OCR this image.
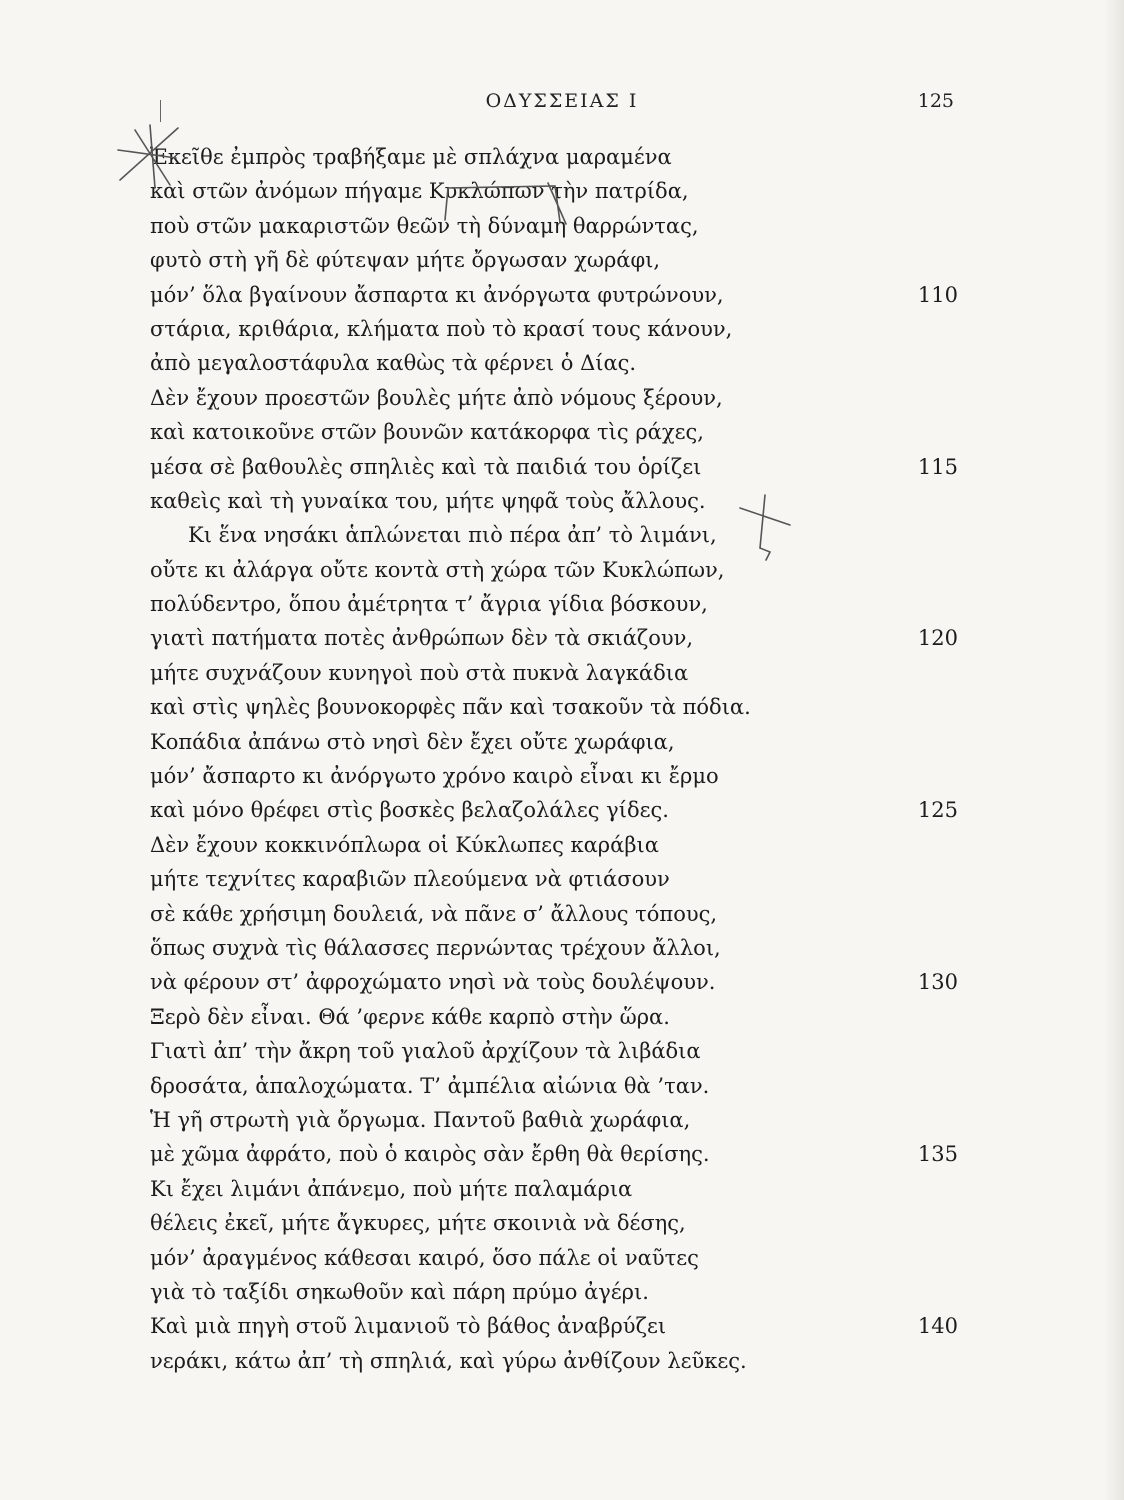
ΟΔΥΣΣΕΙΑΣ Ι	125
Ἐκεῖθε ἐμπρὸς τραβήξαμε μὲ σπλάχνα μαραμένα
καὶ στῶν ἀνόμων πήγαμε Κυκλώπων τὴν πατρίδα,
ποὺ στῶν μακαριστῶν θεῶν τὴ δύναμη θαρρώντας,
φυτὸ στὴ γῆ δὲ φύτεψαν μήτε ὄργωσαν χωράφι,
μόν’ ὅλα βγαίνουν ἄσπαρτα κι ἀνόργωτα φυτρώνουν,	110
στάρια, κριθάρια, κλήματα ποὺ τὸ κρασί τους κάνουν,
ἀπὸ μεγαλοστάφυλα καθὼς τὰ φέρνει ὁ Δίας.
Δὲν ἔχουν προεστῶν βουλὲς μήτε ἀπὸ νόμους ξέρουν,
καὶ κατοικοῦνε στῶν βουνῶν κατάκορφα τὶς ράχες,
μέσα σὲ βαθουλὲς σπηλιὲς καὶ τὰ παιδιά του ὁρίζει	115
καθεὶς καὶ τὴ γυναίκα του, μήτε ψηφᾶ τοὺς ἄλλους.
Κι ἕνα νησάκι ἁπλώνεται πιὸ πέρα ἀπ’ τὸ λιμάνι,
οὔτε κι ἀλάργα οὔτε κοντὰ στὴ χώρα τῶν Κυκλώπων,
πολύδεντρο, ὅπου ἀμέτρητα τ’ ἄγρια γίδια βόσκουν,
γιατὶ πατήματα ποτὲς ἀνθρώπων δὲν τὰ σκιάζουν,	120
μήτε συχνάζουν κυνηγοὶ ποὺ στὰ πυκνὰ λαγκάδια
καὶ στὶς ψηλὲς βουνοκορφὲς πᾶν καὶ τσακοῦν τὰ πόδια.
Κοπάδια ἀπάνω στὸ νησὶ δὲν ἔχει οὔτε χωράφια,
μόν’ ἄσπαρτο κι ἀνόργωτο χρόνο καιρὸ εἶναι κι ἔρμο
καὶ μόνο θρέφει στὶς βοσκὲς βελαζολάλες γίδες.	125
Δὲν ἔχουν κοκκινόπλωρα οἱ Κύκλωπες καράβια
μήτε τεχνίτες καραβιῶν πλεούμενα νὰ φτιάσουν
σὲ κάθε χρήσιμη δουλειά, νὰ πᾶνε σ’ ἄλλους τόπους,
ὅπως συχνὰ τὶς θάλασσες περνώντας τρέχουν ἄλλοι,
νὰ φέρουν στ’ ἀφροχώματο νησὶ νὰ τοὺς δουλέψουν.	130
Ξερὸ δὲν εἶναι. Θά ’φερνε κάθε καρπὸ στὴν ὥρα.
Γιατὶ ἀπ’ τὴν ἄκρη τοῦ γιαλοῦ ἀρχίζουν τὰ λιβάδια
δροσάτα, ἁπαλοχώματα. Τ’ ἀμπέλια αἰώνια θὰ ’ταν.
Ἡ γῆ στρωτὴ γιὰ ὄργωμα. Παντοῦ βαθιὰ χωράφια,
μὲ χῶμα ἀφράτο, ποὺ ὁ καιρὸς σὰν ἔρθη θὰ θερίσης.	135
Κι ἔχει λιμάνι ἀπάνεμο, ποὺ μήτε παλαμάρια
θέλεις ἐκεῖ, μήτε ἄγκυρες, μήτε σκοινιὰ νὰ δέσης,
μόν’ ἀραγμένος κάθεσαι καιρό, ὅσο πάλε οἱ ναῦτες
γιὰ τὸ ταξίδι σηκωθοῦν καὶ πάρη πρύμο ἀγέρι.
Καὶ μιὰ πηγὴ στοῦ λιμανιοῦ τὸ βάθος ἀναβρύζει	140
νεράκι, κάτω ἀπ’ τὴ σπηλιά, καὶ γύρω ἀνθίζουν λεῦκες.
